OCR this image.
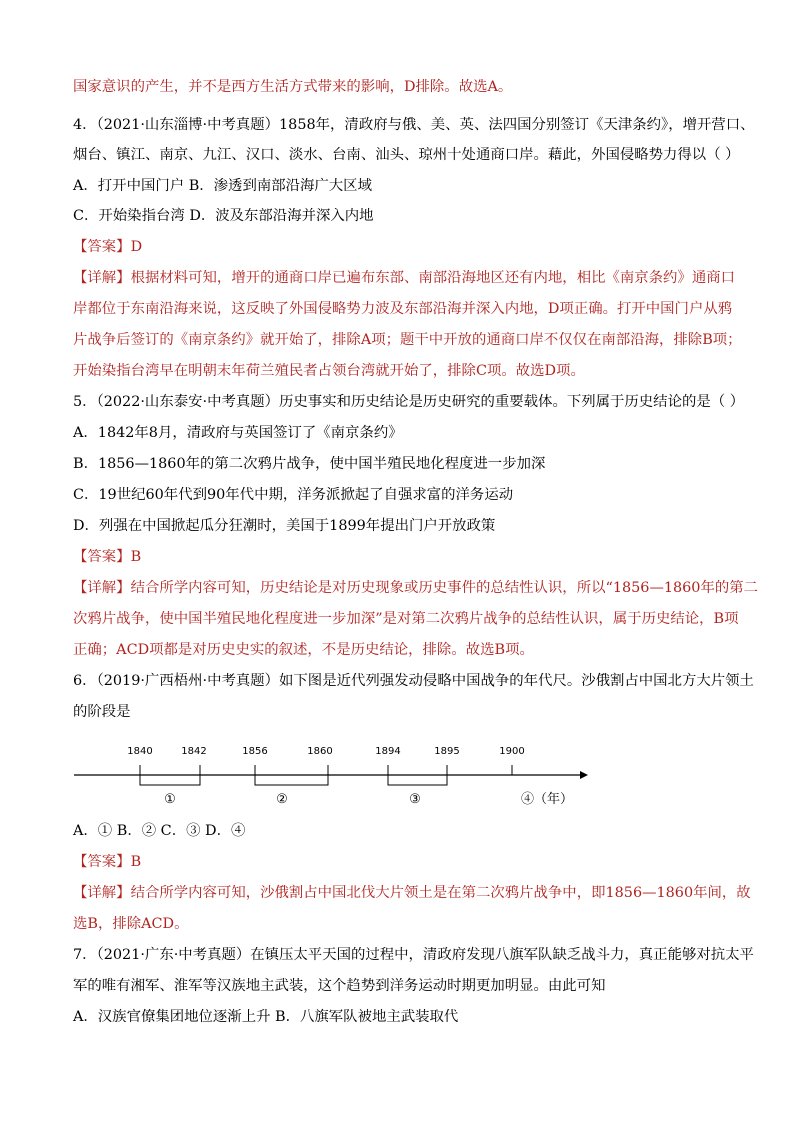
国家意识的产生，并不是西方生活方式带来的影响，D排除。故选A。
4．（2021·山东淄博·中考真题）1858年，清政府与俄、美、英、法四国分别签订《天津条约》，增开营口、
烟台、镇江、南京、九江、汉口、淡水、台南、汕头、琼州十处通商口岸。藉此，外国侵略势力得以（ ）
A．打开中国门户 B．渗透到南部沿海广大区域
C．开始染指台湾 D．波及东部沿海并深入内地
【答案】D
【详解】根据材料可知，增开的通商口岸已遍布东部、南部沿海地区还有内地，相比《南京条约》通商口
岸都位于东南沿海来说，这反映了外国侵略势力波及东部沿海并深入内地，D项正确。打开中国门户从鸦
片战争后签订的《南京条约》就开始了，排除A项；题干中开放的通商口岸不仅仅在南部沿海，排除B项；
开始染指台湾早在明朝末年荷兰殖民者占领台湾就开始了，排除C项。故选D项。
5．（2022·山东泰安·中考真题）历史事实和历史结论是历史研究的重要载体。下列属于历史结论的是（ ）
A．1842年8月，清政府与英国签订了《南京条约》
B．1856—1860年的第二次鸦片战争，使中国半殖民地化程度进一步加深
C．19世纪60年代到90年代中期，洋务派掀起了自强求富的洋务运动
D．列强在中国掀起瓜分狂潮时，美国于1899年提出门户开放政策
【答案】B
【详解】结合所学内容可知，历史结论是对历史现象或历史事件的总结性认识，所以“1856—1860年的第二
次鸦片战争，使中国半殖民地化程度进一步加深”是对第二次鸦片战争的总结性认识，属于历史结论，B项
正确；ACD项都是对历史史实的叙述，不是历史结论，排除。故选B项。
6．（2019·广西梧州·中考真题）如下图是近代列强发动侵略中国战争的年代尺。沙俄割占中国北方大片领土
的阶段是
1840	1842	1856	1860	1894	1895	1900
①	②	③	④（年）
A．① B．② C．③ D．④
【答案】B
【详解】结合所学内容可知，沙俄割占中国北伐大片领土是在第二次鸦片战争中，即1856—1860年间，故
选B，排除ACD。
7．（2021·广东·中考真题）在镇压太平天国的过程中，清政府发现八旗军队缺乏战斗力，真正能够对抗太平
军的唯有湘军、淮军等汉族地主武装，这个趋势到洋务运动时期更加明显。由此可知
A．汉族官僚集团地位逐渐上升 B．八旗军队被地主武装取代
